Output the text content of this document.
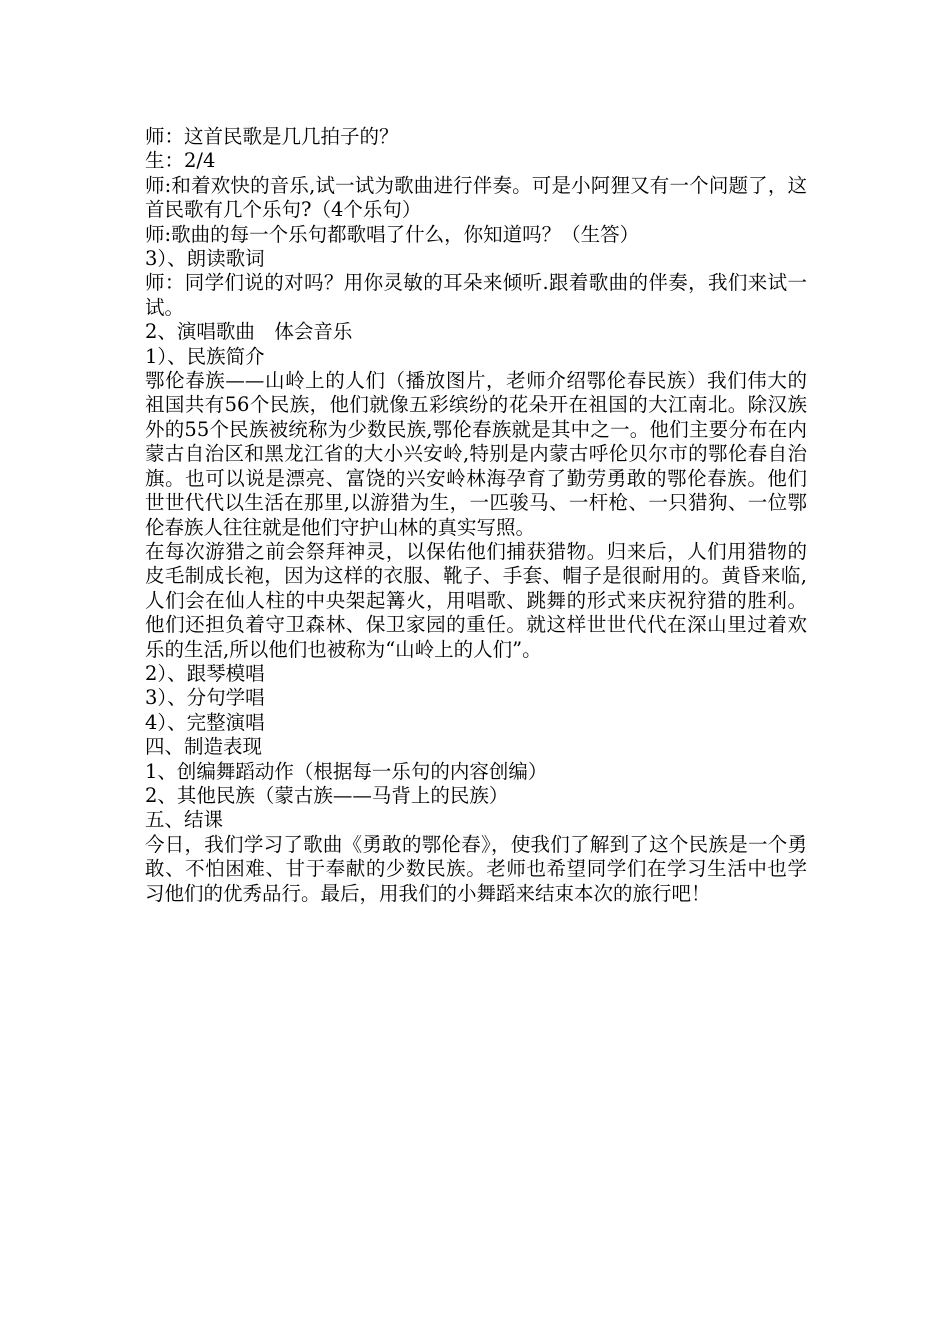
师：这首民歌是几几拍子的？

生：2/4

师:和着欢快的音乐,试一试为歌曲进行伴奏。可是小阿狸又有一个问题了，这首民歌有几个乐句?（4个乐句）

师:歌曲的每一个乐句都歌唱了什么，你知道吗？（生答）

3）、朗读歌词

师：同学们说的对吗？用你灵敏的耳朵来倾听.跟着歌曲的伴奏，我们来试一试。

2、演唱歌曲　体会音乐

1）、民族简介

鄂伦春族——山岭上的人们（播放图片，老师介绍鄂伦春民族）我们伟大的祖国共有56个民族，他们就像五彩缤纷的花朵开在祖国的大江南北。除汉族外的55个民族被统称为少数民族,鄂伦春族就是其中之一。他们主要分布在内蒙古自治区和黑龙江省的大小兴安岭,特别是内蒙古呼伦贝尔市的鄂伦春自治旗。也可以说是漂亮、富饶的兴安岭林海孕育了勤劳勇敢的鄂伦春族。他们世世代代以生活在那里,以游猎为生，一匹骏马、一杆枪、一只猎狗、一位鄂伦春族人往往就是他们守护山林的真实写照。

在每次游猎之前会祭拜神灵，以保佑他们捕获猎物。归来后，人们用猎物的皮毛制成长袍，因为这样的衣服、靴子、手套、帽子是很耐用的。黄昏来临,人们会在仙人柱的中央架起篝火，用唱歌、跳舞的形式来庆祝狩猎的胜利。他们还担负着守卫森林、保卫家园的重任。就这样世世代代在深山里过着欢乐的生活,所以他们也被称为“山岭上的人们”。

2）、跟琴模唱

3）、分句学唱

4）、完整演唱

四、制造表现

1、创编舞蹈动作（根据每一乐句的内容创编）

2、其他民族（蒙古族——马背上的民族）

五、结课

今日，我们学习了歌曲《勇敢的鄂伦春》，使我们了解到了这个民族是一个勇敢、不怕困难、甘于奉献的少数民族。老师也希望同学们在学习生活中也学习他们的优秀品行。最后，用我们的小舞蹈来结束本次的旅行吧！
